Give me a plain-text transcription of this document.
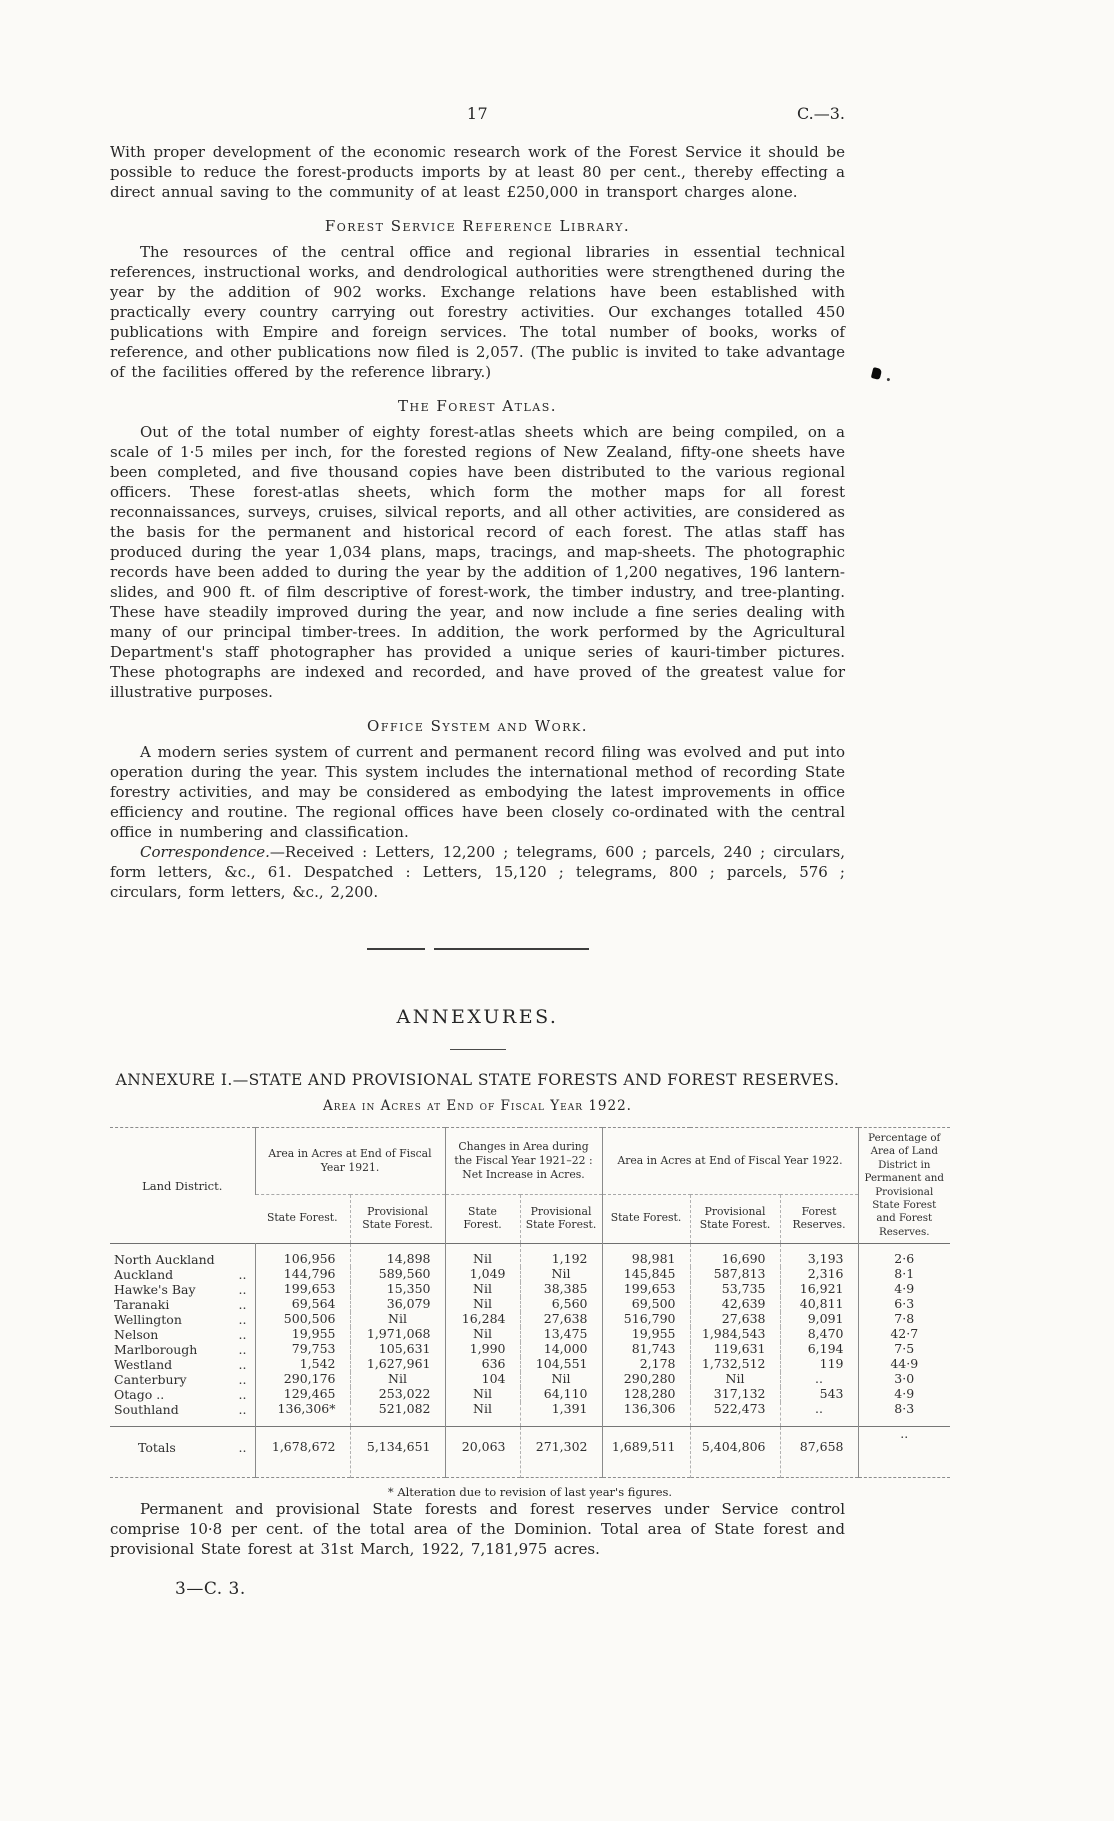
17	C.—3.

With proper development of the economic research work of the Forest Service it should be possible to reduce the forest-products imports by at least 80 per cent., thereby effecting a direct annual saving to the community of at least £250,000 in transport charges alone.

Forest Service Reference Library.

The resources of the central office and regional libraries in essential technical references, instructional works, and dendrological authorities were strengthened during the year by the addition of 902 works. Exchange relations have been established with practically every country carrying out forestry activities. Our exchanges totalled 450 publications with Empire and foreign services. The total number of books, works of reference, and other publications now filed is 2,057. (The public is invited to take advantage of the facilities offered by the reference library.)

The Forest Atlas.

Out of the total number of eighty forest-atlas sheets which are being compiled, on a scale of 1·5 miles per inch, for the forested regions of New Zealand, fifty-one sheets have been completed, and five thousand copies have been distributed to the various regional officers. These forest-atlas sheets, which form the mother maps for all forest reconnaissances, surveys, cruises, silvical reports, and all other activities, are considered as the basis for the permanent and historical record of each forest. The atlas staff has produced during the year 1,034 plans, maps, tracings, and map-sheets. The photographic records have been added to during the year by the addition of 1,200 negatives, 196 lantern-slides, and 900 ft. of film descriptive of forest-work, the timber industry, and tree-planting. These have steadily improved during the year, and now include a fine series dealing with many of our principal timber-trees. In addition, the work performed by the Agricultural Department's staff photographer has provided a unique series of kauri-timber pictures. These photographs are indexed and recorded, and have proved of the greatest value for illustrative purposes.

Office System and Work.

A modern series system of current and permanent record filing was evolved and put into operation during the year. This system includes the international method of recording State forestry activities, and may be considered as embodying the latest improvements in office efficiency and routine. The regional offices have been closely co-ordinated with the central office in numbering and classification.

Correspondence.—Received : Letters, 12,200 ; telegrams, 600 ; parcels, 240 ; circulars, form letters, &c., 61. Despatched : Letters, 15,120 ; telegrams, 800 ; parcels, 576 ; circulars, form letters, &c., 2,200.

ANNEXURES.
ANNEXURE I.—STATE AND PROVISIONAL STATE FORESTS AND FOREST RESERVES.
Area in Acres at End of Fiscal Year 1922.
Land District.	Area in Acres at End of Fiscal Year 1921.		Changes in Area during the Fiscal Year 1921–22 : Net Increase in Acres.		Area in Acres at End of Fiscal Year 1922.			Percentage of Area of Land District in Permanent and Provisional State Forest and Forest Reserves.
	State Forest.	Provisional State Forest.	State Forest.	Provisional State Forest.	State Forest.	Provisional State Forest.	Forest Reserves.	

North Auckland	106,956	14,898	Nil	1,192	98,981	16,690	3,193	2·6

Auckland ..	144,796	589,560	1,049	Nil	145,845	587,813	2,316	8·1

Hawke's Bay ..	199,653	15,350	Nil	38,385	199,653	53,735	16,921	4·9

Taranaki ..	69,564	36,079	Nil	6,560	69,500	42,639	40,811	6·3

Wellington ..	500,506	Nil	16,284	27,638	516,790	27,638	9,091	7·8

Nelson ..	19,955	1,971,068	Nil	13,475	19,955	1,984,543	8,470	42·7

Marlborough ..	79,753	105,631	1,990	14,000	81,743	119,631	6,194	7·5

Westland ..	1,542	1,627,961	636	104,551	2,178	1,732,512	119	44·9

Canterbury ..	290,176	Nil	104	Nil	290,280	Nil	..	3·0

Otago .. ..	129,465	253,022	Nil	64,110	128,280	317,132	543	4·9

Southland ..	136,306*	521,082	Nil	1,391	136,306	522,473	..	8·3

Totals ..	1,678,672	5,134,651	20,063	271,302	1,689,511	5,404,806	87,658	..

* Alteration due to revision of last year's figures.

Permanent and provisional State forests and forest reserves under Service control comprise 10·8 per cent. of the total area of the Dominion. Total area of State forest and provisional State forest at 31st March, 1922, 7,181,975 acres.

3—C. 3.
